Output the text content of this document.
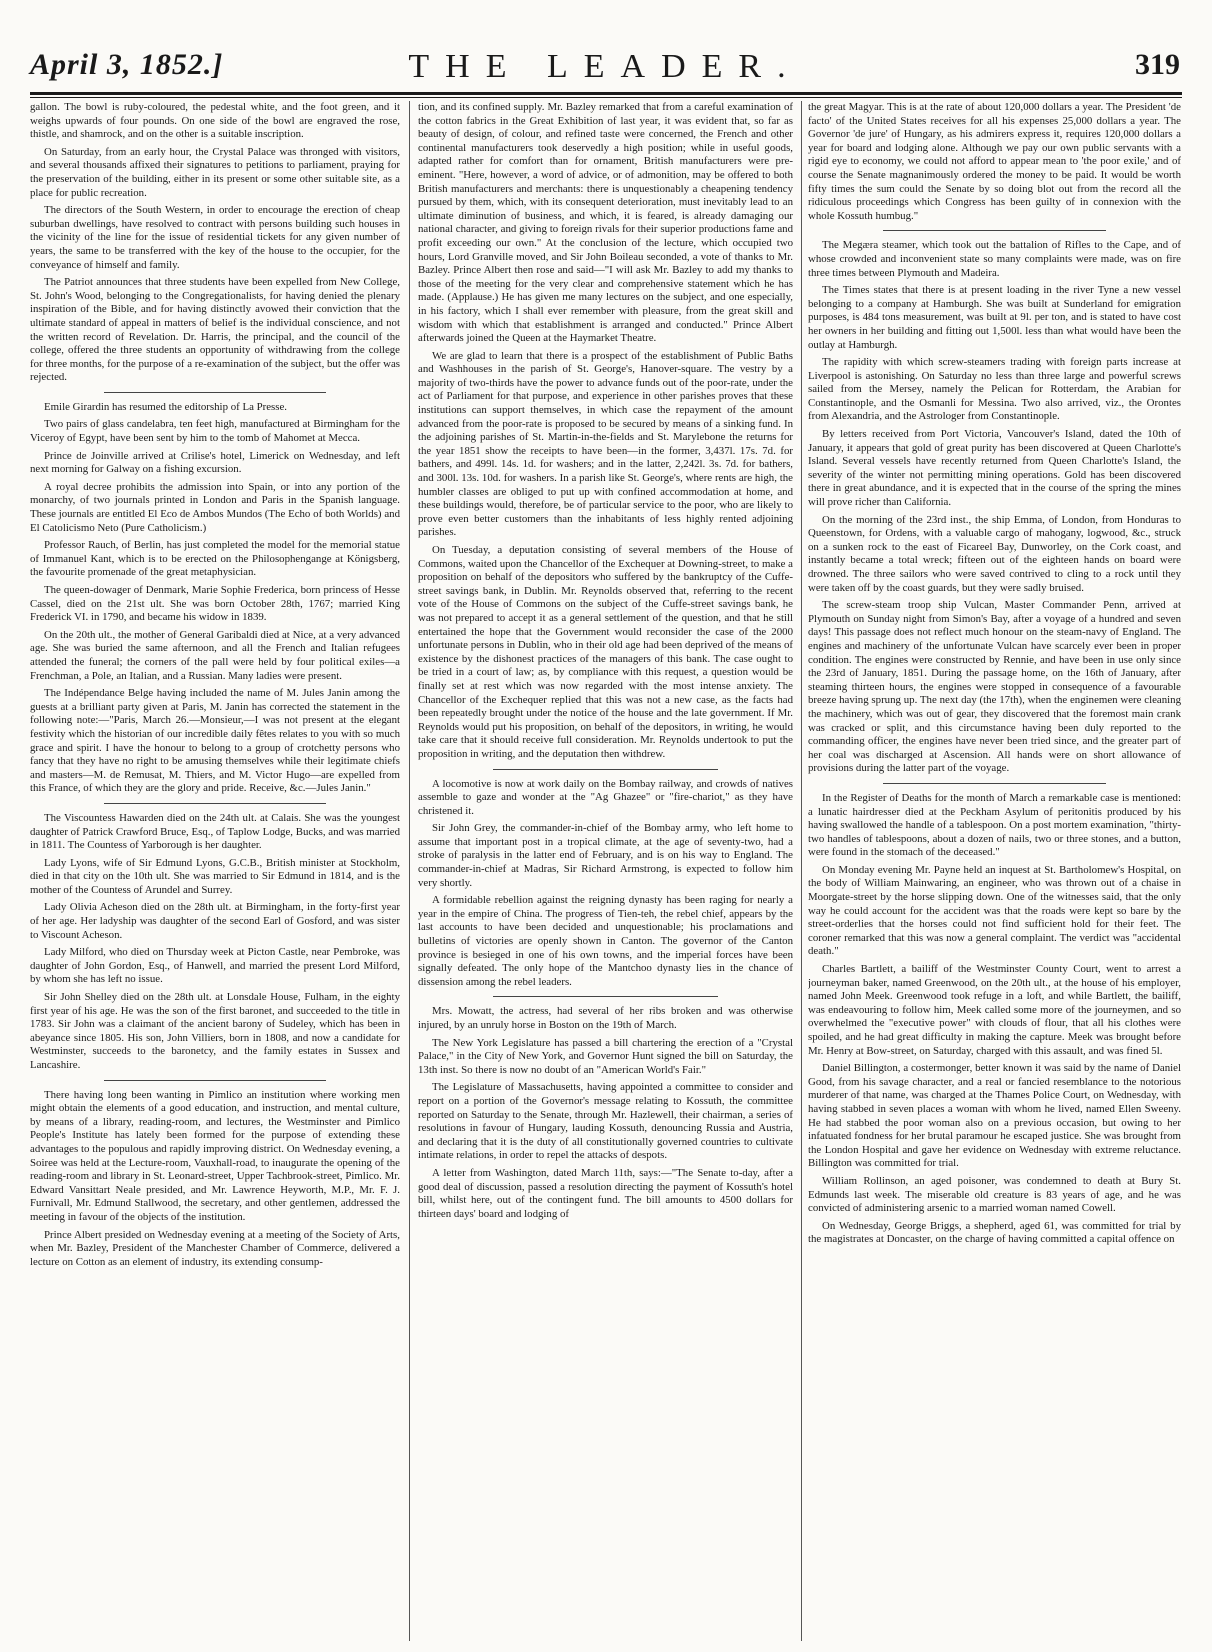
April 3, 1852.]	THE LEADER.	319

gallon. The bowl is ruby-coloured, the pedestal white, and the foot green, and it weighs upwards of four pounds. On one side of the bowl are engraved the rose, thistle, and shamrock, and on the other is a suitable inscription.

On Saturday, from an early hour, the Crystal Palace was thronged with visitors, and several thousands affixed their signatures to petitions to parliament, praying for the preservation of the building, either in its present or some other suitable site, as a place for public recreation.

The directors of the South Western, in order to encourage the erection of cheap suburban dwellings, have resolved to contract with persons building such houses in the vicinity of the line for the issue of residential tickets for any given number of years, the same to be transferred with the key of the house to the occupier, for the conveyance of himself and family.

The Patriot announces that three students have been expelled from New College, St. John's Wood, belonging to the Congregationalists, for having denied the plenary inspiration of the Bible, and for having distinctly avowed their conviction that the ultimate standard of appeal in matters of belief is the individual conscience, and not the written record of Revelation. Dr. Harris, the principal, and the council of the college, offered the three students an opportunity of withdrawing from the college for three months, for the purpose of a re-examination of the subject, but the offer was rejected.

Emile Girardin has resumed the editorship of La Presse.

Two pairs of glass candelabra, ten feet high, manufactured at Birmingham for the Viceroy of Egypt, have been sent by him to the tomb of Mahomet at Mecca.

Prince de Joinville arrived at Crilise's hotel, Limerick on Wednesday, and left next morning for Galway on a fishing excursion.

A royal decree prohibits the admission into Spain, or into any portion of the monarchy, of two journals printed in London and Paris in the Spanish language. These journals are entitled El Eco de Ambos Mundos (The Echo of both Worlds) and El Catolicismo Neto (Pure Catholicism.)

Professor Rauch, of Berlin, has just completed the model for the memorial statue of Immanuel Kant, which is to be erected on the Philosophengange at Königsberg, the favourite promenade of the great metaphysician.

The queen-dowager of Denmark, Marie Sophie Frederica, born princess of Hesse Cassel, died on the 21st ult. She was born October 28th, 1767; married King Frederick VI. in 1790, and became his widow in 1839.

On the 20th ult., the mother of General Garibaldi died at Nice, at a very advanced age. She was buried the same afternoon, and all the French and Italian refugees attended the funeral; the corners of the pall were held by four political exiles—a Frenchman, a Pole, an Italian, and a Russian. Many ladies were present.

The Indépendance Belge having included the name of M. Jules Janin among the guests at a brilliant party given at Paris, M. Janin has corrected the statement in the following note:—"Paris, March 26.—Monsieur,—I was not present at the elegant festivity which the historian of our incredible daily fêtes relates to you with so much grace and spirit. I have the honour to belong to a group of crotchetty persons who fancy that they have no right to be amusing themselves while their legitimate chiefs and masters—M. de Remusat, M. Thiers, and M. Victor Hugo—are expelled from this France, of which they are the glory and pride. Receive, &c.—Jules Janin."

The Viscountess Hawarden died on the 24th ult. at Calais. She was the youngest daughter of Patrick Crawford Bruce, Esq., of Taplow Lodge, Bucks, and was married in 1811. The Countess of Yarborough is her daughter.

Lady Lyons, wife of Sir Edmund Lyons, G.C.B., British minister at Stockholm, died in that city on the 10th ult. She was married to Sir Edmund in 1814, and is the mother of the Countess of Arundel and Surrey.

Lady Olivia Acheson died on the 28th ult. at Birmingham, in the forty-first year of her age. Her ladyship was daughter of the second Earl of Gosford, and was sister to Viscount Acheson.

Lady Milford, who died on Thursday week at Picton Castle, near Pembroke, was daughter of John Gordon, Esq., of Hanwell, and married the present Lord Milford, by whom she has left no issue.

Sir John Shelley died on the 28th ult. at Lonsdale House, Fulham, in the eighty first year of his age. He was the son of the first baronet, and succeeded to the title in 1783. Sir John was a claimant of the ancient barony of Sudeley, which has been in abeyance since 1805. His son, John Villiers, born in 1808, and now a candidate for Westminster, succeeds to the baronetcy, and the family estates in Sussex and Lancashire.

There having long been wanting in Pimlico an institution where working men might obtain the elements of a good education, and instruction, and mental culture, by means of a library, reading-room, and lectures, the Westminster and Pimlico People's Institute has lately been formed for the purpose of extending these advantages to the populous and rapidly improving district. On Wednesday evening, a Soiree was held at the Lecture-room, Vauxhall-road, to inaugurate the opening of the reading-room and library in St. Leonard-street, Upper Tachbrook-street, Pimlico. Mr. Edward Vansittart Neale presided, and Mr. Lawrence Heyworth, M.P., Mr. F. J. Furnivall, Mr. Edmund Stallwood, the secretary, and other gentlemen, addressed the meeting in favour of the objects of the institution.

Prince Albert presided on Wednesday evening at a meeting of the Society of Arts, when Mr. Bazley, President of the Manchester Chamber of Commerce, delivered a lecture on Cotton as an element of industry, its extending consump-

tion, and its confined supply. Mr. Bazley remarked that from a careful examination of the cotton fabrics in the Great Exhibition of last year, it was evident that, so far as beauty of design, of colour, and refined taste were concerned, the French and other continental manufacturers took deservedly a high position; while in useful goods, adapted rather for comfort than for ornament, British manufacturers were pre-eminent. "Here, however, a word of advice, or of admonition, may be offered to both British manufacturers and merchants: there is unquestionably a cheapening tendency pursued by them, which, with its consequent deterioration, must inevitably lead to an ultimate diminution of business, and which, it is feared, is already damaging our national character, and giving to foreign rivals for their superior productions fame and profit exceeding our own." At the conclusion of the lecture, which occupied two hours, Lord Granville moved, and Sir John Boileau seconded, a vote of thanks to Mr. Bazley. Prince Albert then rose and said—"I will ask Mr. Bazley to add my thanks to those of the meeting for the very clear and comprehensive statement which he has made. (Applause.) He has given me many lectures on the subject, and one especially, in his factory, which I shall ever remember with pleasure, from the great skill and wisdom with which that establishment is arranged and conducted." Prince Albert afterwards joined the Queen at the Haymarket Theatre.

We are glad to learn that there is a prospect of the establishment of Public Baths and Washhouses in the parish of St. George's, Hanover-square. The vestry by a majority of two-thirds have the power to advance funds out of the poor-rate, under the act of Parliament for that purpose, and experience in other parishes proves that these institutions can support themselves, in which case the repayment of the amount advanced from the poor-rate is proposed to be secured by means of a sinking fund. In the adjoining parishes of St. Martin-in-the-fields and St. Marylebone the returns for the year 1851 show the receipts to have been—in the former, 3,437l. 17s. 7d. for bathers, and 499l. 14s. 1d. for washers; and in the latter, 2,242l. 3s. 7d. for bathers, and 300l. 13s. 10d. for washers. In a parish like St. George's, where rents are high, the humbler classes are obliged to put up with confined accommodation at home, and these buildings would, therefore, be of particular service to the poor, who are likely to prove even better customers than the inhabitants of less highly rented adjoining parishes.

On Tuesday, a deputation consisting of several members of the House of Commons, waited upon the Chancellor of the Exchequer at Downing-street, to make a proposition on behalf of the depositors who suffered by the bankruptcy of the Cuffe-street savings bank, in Dublin. Mr. Reynolds observed that, referring to the recent vote of the House of Commons on the subject of the Cuffe-street savings bank, he was not prepared to accept it as a general settlement of the question, and that he still entertained the hope that the Government would reconsider the case of the 2000 unfortunate persons in Dublin, who in their old age had been deprived of the means of existence by the dishonest practices of the managers of this bank. The case ought to be tried in a court of law; as, by compliance with this request, a question would be finally set at rest which was now regarded with the most intense anxiety. The Chancellor of the Exchequer replied that this was not a new case, as the facts had been repeatedly brought under the notice of the house and the late government. If Mr. Reynolds would put his proposition, on behalf of the depositors, in writing, he would take care that it should receive full consideration. Mr. Reynolds undertook to put the proposition in writing, and the deputation then withdrew.

A locomotive is now at work daily on the Bombay railway, and crowds of natives assemble to gaze and wonder at the "Ag Ghazee" or "fire-chariot," as they have christened it.

Sir John Grey, the commander-in-chief of the Bombay army, who left home to assume that important post in a tropical climate, at the age of seventy-two, had a stroke of paralysis in the latter end of February, and is on his way to England. The commander-in-chief at Madras, Sir Richard Armstrong, is expected to follow him very shortly.

A formidable rebellion against the reigning dynasty has been raging for nearly a year in the empire of China. The progress of Tien-teh, the rebel chief, appears by the last accounts to have been decided and unquestionable; his proclamations and bulletins of victories are openly shown in Canton. The governor of the Canton province is besieged in one of his own towns, and the imperial forces have been signally defeated. The only hope of the Mantchoo dynasty lies in the chance of dissension among the rebel leaders.

Mrs. Mowatt, the actress, had several of her ribs broken and was otherwise injured, by an unruly horse in Boston on the 19th of March.

The New York Legislature has passed a bill chartering the erection of a "Crystal Palace," in the City of New York, and Governor Hunt signed the bill on Saturday, the 13th inst. So there is now no doubt of an "American World's Fair."

The Legislature of Massachusetts, having appointed a committee to consider and report on a portion of the Governor's message relating to Kossuth, the committee reported on Saturday to the Senate, through Mr. Hazlewell, their chairman, a series of resolutions in favour of Hungary, lauding Kossuth, denouncing Russia and Austria, and declaring that it is the duty of all constitutionally governed countries to cultivate intimate relations, in order to repel the attacks of despots.

A letter from Washington, dated March 11th, says:—"The Senate to-day, after a good deal of discussion, passed a resolution directing the payment of Kossuth's hotel bill, whilst here, out of the contingent fund. The bill amounts to 4500 dollars for thirteen days' board and lodging of

the great Magyar. This is at the rate of about 120,000 dollars a year. The President 'de facto' of the United States receives for all his expenses 25,000 dollars a year. The Governor 'de jure' of Hungary, as his admirers express it, requires 120,000 dollars a year for board and lodging alone. Although we pay our own public servants with a rigid eye to economy, we could not afford to appear mean to 'the poor exile,' and of course the Senate magnanimously ordered the money to be paid. It would be worth fifty times the sum could the Senate by so doing blot out from the record all the ridiculous proceedings which Congress has been guilty of in connexion with the whole Kossuth humbug."

The Megæra steamer, which took out the battalion of Rifles to the Cape, and of whose crowded and inconvenient state so many complaints were made, was on fire three times between Plymouth and Madeira.

The Times states that there is at present loading in the river Tyne a new vessel belonging to a company at Hamburgh. She was built at Sunderland for emigration purposes, is 484 tons measurement, was built at 9l. per ton, and is stated to have cost her owners in her building and fitting out 1,500l. less than what would have been the outlay at Hamburgh.

The rapidity with which screw-steamers trading with foreign parts increase at Liverpool is astonishing. On Saturday no less than three large and powerful screws sailed from the Mersey, namely the Pelican for Rotterdam, the Arabian for Constantinople, and the Osmanli for Messina. Two also arrived, viz., the Orontes from Alexandria, and the Astrologer from Constantinople.

By letters received from Port Victoria, Vancouver's Island, dated the 10th of January, it appears that gold of great purity has been discovered at Queen Charlotte's Island. Several vessels have recently returned from Queen Charlotte's Island, the severity of the winter not permitting mining operations. Gold has been discovered there in great abundance, and it is expected that in the course of the spring the mines will prove richer than California.

On the morning of the 23rd inst., the ship Emma, of London, from Honduras to Queenstown, for Ordens, with a valuable cargo of mahogany, logwood, &c., struck on a sunken rock to the east of Ficareel Bay, Dunworley, on the Cork coast, and instantly became a total wreck; fifteen out of the eighteen hands on board were drowned. The three sailors who were saved contrived to cling to a rock until they were taken off by the coast guards, but they were sadly bruised.

The screw-steam troop ship Vulcan, Master Commander Penn, arrived at Plymouth on Sunday night from Simon's Bay, after a voyage of a hundred and seven days! This passage does not reflect much honour on the steam-navy of England. The engines and machinery of the unfortunate Vulcan have scarcely ever been in proper condition. The engines were constructed by Rennie, and have been in use only since the 23rd of January, 1851. During the passage home, on the 16th of January, after steaming thirteen hours, the engines were stopped in consequence of a favourable breeze having sprung up. The next day (the 17th), when the enginemen were cleaning the machinery, which was out of gear, they discovered that the foremost main crank was cracked or split, and this circumstance having been duly reported to the commanding officer, the engines have never been tried since, and the greater part of her coal was discharged at Ascension. All hands were on short allowance of provisions during the latter part of the voyage.

In the Register of Deaths for the month of March a remarkable case is mentioned: a lunatic hairdresser died at the Peckham Asylum of peritonitis produced by his having swallowed the handle of a tablespoon. On a post mortem examination, "thirty-two handles of tablespoons, about a dozen of nails, two or three stones, and a button, were found in the stomach of the deceased."

On Monday evening Mr. Payne held an inquest at St. Bartholomew's Hospital, on the body of William Mainwaring, an engineer, who was thrown out of a chaise in Moorgate-street by the horse slipping down. One of the witnesses said, that the only way he could account for the accident was that the roads were kept so bare by the street-orderlies that the horses could not find sufficient hold for their feet. The coroner remarked that this was now a general complaint. The verdict was "accidental death."

Charles Bartlett, a bailiff of the Westminster County Court, went to arrest a journeyman baker, named Greenwood, on the 20th ult., at the house of his employer, named John Meek. Greenwood took refuge in a loft, and while Bartlett, the bailiff, was endeavouring to follow him, Meek called some more of the journeymen, and so overwhelmed the "executive power" with clouds of flour, that all his clothes were spoiled, and he had great difficulty in making the capture. Meek was brought before Mr. Henry at Bow-street, on Saturday, charged with this assault, and was fined 5l.

Daniel Billington, a costermonger, better known it was said by the name of Daniel Good, from his savage character, and a real or fancied resemblance to the notorious murderer of that name, was charged at the Thames Police Court, on Wednesday, with having stabbed in seven places a woman with whom he lived, named Ellen Sweeny. He had stabbed the poor woman also on a previous occasion, but owing to her infatuated fondness for her brutal paramour he escaped justice. She was brought from the London Hospital and gave her evidence on Wednesday with extreme reluctance. Billington was committed for trial.

William Rollinson, an aged poisoner, was condemned to death at Bury St. Edmunds last week. The miserable old creature is 83 years of age, and he was convicted of administering arsenic to a married woman named Cowell.

On Wednesday, George Briggs, a shepherd, aged 61, was committed for trial by the magistrates at Doncaster, on the charge of having committed a capital offence on
